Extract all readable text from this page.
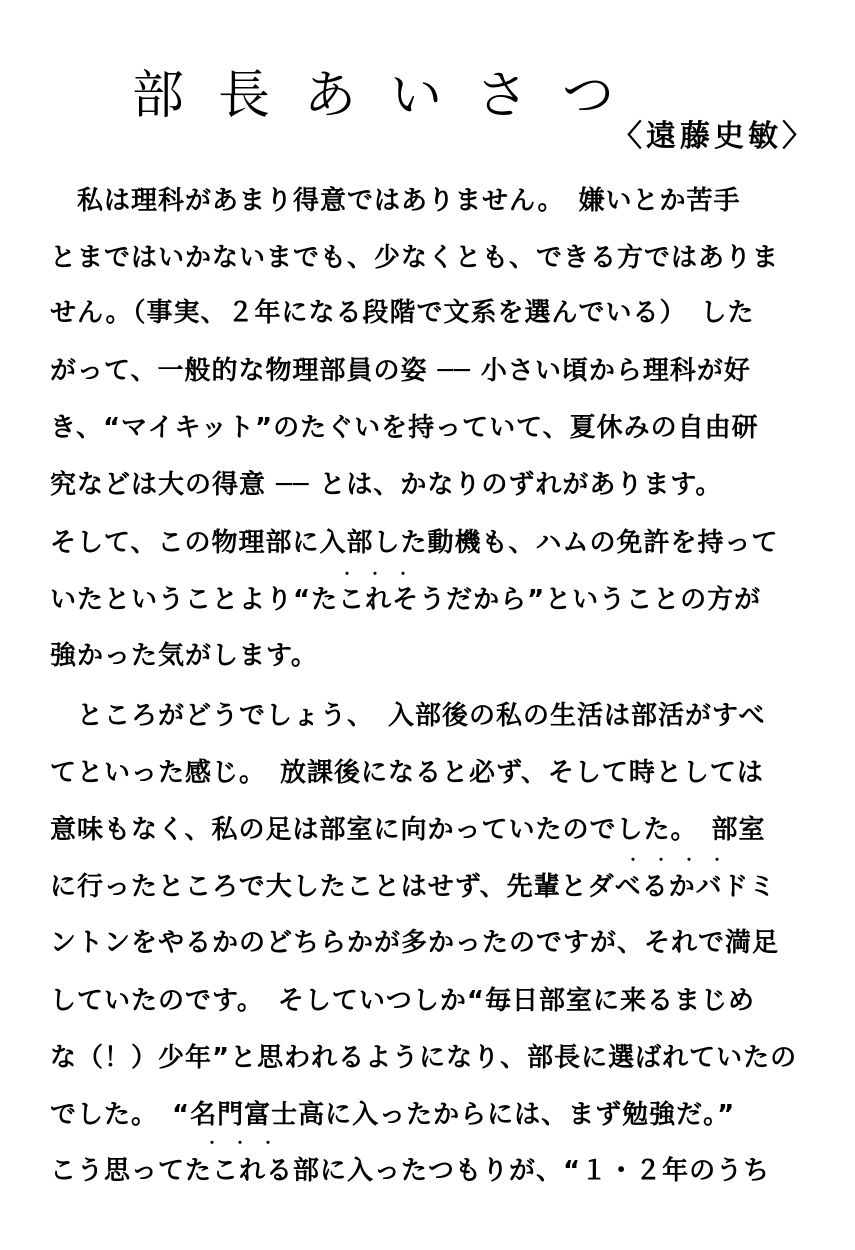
部長あいさつ
〈遠藤史敏〉
　私は理科があまり得意ではありません。　嫌いとか苦手
とまではいかないまでも、少なくとも、できる方ではありま
せん。（事実、２年になる段階で文系を選んでいる）　した
がって、一般的な物理部員の姿 ── 小さい頃から理科が好
き、“マイキット”のたぐいを持っていて、夏休みの自由研
究などは大の得意 ── とは、かなりのずれがあります。
そして、この物理部に入部した動機も、ハムの免許を持って
・・・
いたということより“たこれそうだから”ということの方が
強かった気がします。
　ところがどうでしょう、　入部後の私の生活は部活がすべ
てといった感じ。　放課後になると必ず、そして時としては
意味もなく、私の足は部室に向かっていたのでした。　部室
・・・・
に行ったところで大したことはせず、先輩とダベるかバドミ
ントンをやるかのどちらかが多かったのですが、それで満足
していたのです。　そしていつしか“毎日部室に来るまじめ
な（！）少年”と思われるようになり、部長に選ばれていたの
でした。　“名門富士高に入ったからには、まず勉強だ。”
・・・
こう思ってたこれる部に入ったつもりが、“１・２年のうち
